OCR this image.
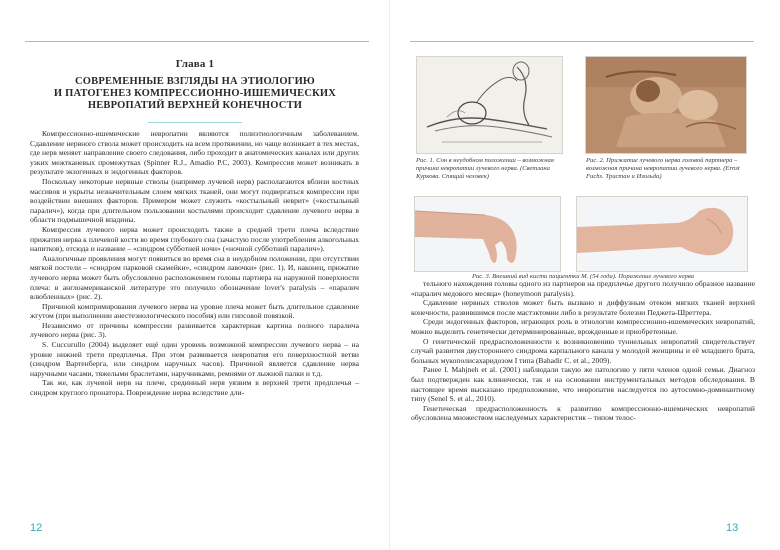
Глава 1
СОВРЕМЕННЫЕ ВЗГЛЯДЫ НА ЭТИОЛОГИЮ
И ПАТОГЕНЕЗ КОМПРЕССИОННО-ИШЕМИЧЕСКИХ
НЕВРОПАТИЙ ВЕРХНЕЙ КОНЕЧНОСТИ

Компрессионно-ишемические невропатии являются полиэтиологичным заболеванием. Сдавление нервного ствола может происходить на всем протяжении, но чаще возникает в тех местах, где нерв меняет направление своего следования, либо проходит в анатомических каналах или других узких межтканевых промежутках (Spinner R.J., Amadio P.C, 2003). Компрессия может возникать в результате экзогенных и эндогенных факторов.

Поскольку некоторые нервные стволы (например лучевой нерв) располагаются вблизи костных массивов и укрыты незначительным слоем мягких тканей, они могут подвергаться компрессии при воздействии внешних факторов. Примером может служить «костыльный неврит» («костыльный паралич»), когда при длительном пользовании костылями происходит сдавление лучевого нерва в области подмышечной впадины.

Компрессия лучевого нерва может происходить также в средней трети плеча вследствие прижатия нерва к плечевой кости во время глубокого сна (зачастую после употребления алкогольных напитков), отсюда и название – «синдром субботней ночи» («ночной субботний паралич»).

Аналогичные проявления могут появиться во время сна в неудобном положении, при отсутствии мягкой постели – «синдром парковой скамейки», «синдром лавочки» (рис. 1). И, наконец, прижатие лучевого нерва может быть обусловлено расположением головы партнера на наружной поверхности плеча: в англоамериканской литературе это получило обозначение lover's paralysis – «паралич влюбленных» (рис. 2).

Причиной компримирования лучевого нерва на уровне плеча может быть длительное сдавление жгутом (при выполнении анестезиологического пособия) или гипсовой повязкой.

Независимо от причины компрессии развивается характерная картина полного паралича лучевого нерва (рис. 3).

S. Cuccurullo (2004) выделяет ещё один уровень возможной компрессии лучевого нерва – на уровне нижней трети предплечья. При этом развивается невропатия его поверхностной ветви (синдром Вартенберга, или синдром наручных часов). Причиной является сдавление нерва наручными часами, тяжелыми браслетами, наручниками, ремнями от лыжной палки и т.д.

Так же, как лучевой нерв на плече, срединный нерв уязвим в верхней трети предплечья – синдром круглого пронатора. Повреждение нерва вследствие дли-

12
Рис. 1. Сон в неудобном положении – возможная причина невропатии лучевого нерва. (Светлана Куркова. Спящий человек)
Рис. 2. Прижатие лучевого нерва головой партнера – возможная причина невропатии лучевого нерва. (Ernst Fuchs. Тристан и Изольда)
Рис. 3. Внешний вид кисти пациентки М. (54 года). Поражение лучевого нерва

тельного нахождения головы одного из партнеров на предплечье другого получило образное название «паралич медового месяца» (honeymoon paralysis).

Сдавление нервных стволов может быть вызвано и диффузным отеком мягких тканей верхней конечности, развившимся после мастэктомии либо в результате болезни Педжета-Шреттера.

Среди эндогенных факторов, играющих роль в этиологии компрессионно-ишемических невропатий, можно выделить генетически детерминированные, врожденные и приобретенные.

О генетической предрасположенности к возникновению туннельных невропатий свидетельствует случай развития двустороннего синдрома карпального канала у молодой женщины и её младшего брата, больных мукополисахаридозом I типа (Bahadir C. et al., 2009).

Ранее I. Mahjneh et al. (2001) наблюдали такую же патологию у пяти членов одной семьи. Диагноз был подтвержден как клинически, так и на основании инструментальных методов обследования. В настоящее время высказано предположение, что невропатия наследуется по аутосомно-доминантному типу (Senel S. et al., 2010).

Генетическая предрасположенность к развитию компрессионно-ишемических невропатий обусловлена множеством наследуемых характеристик – типом телос-

13
